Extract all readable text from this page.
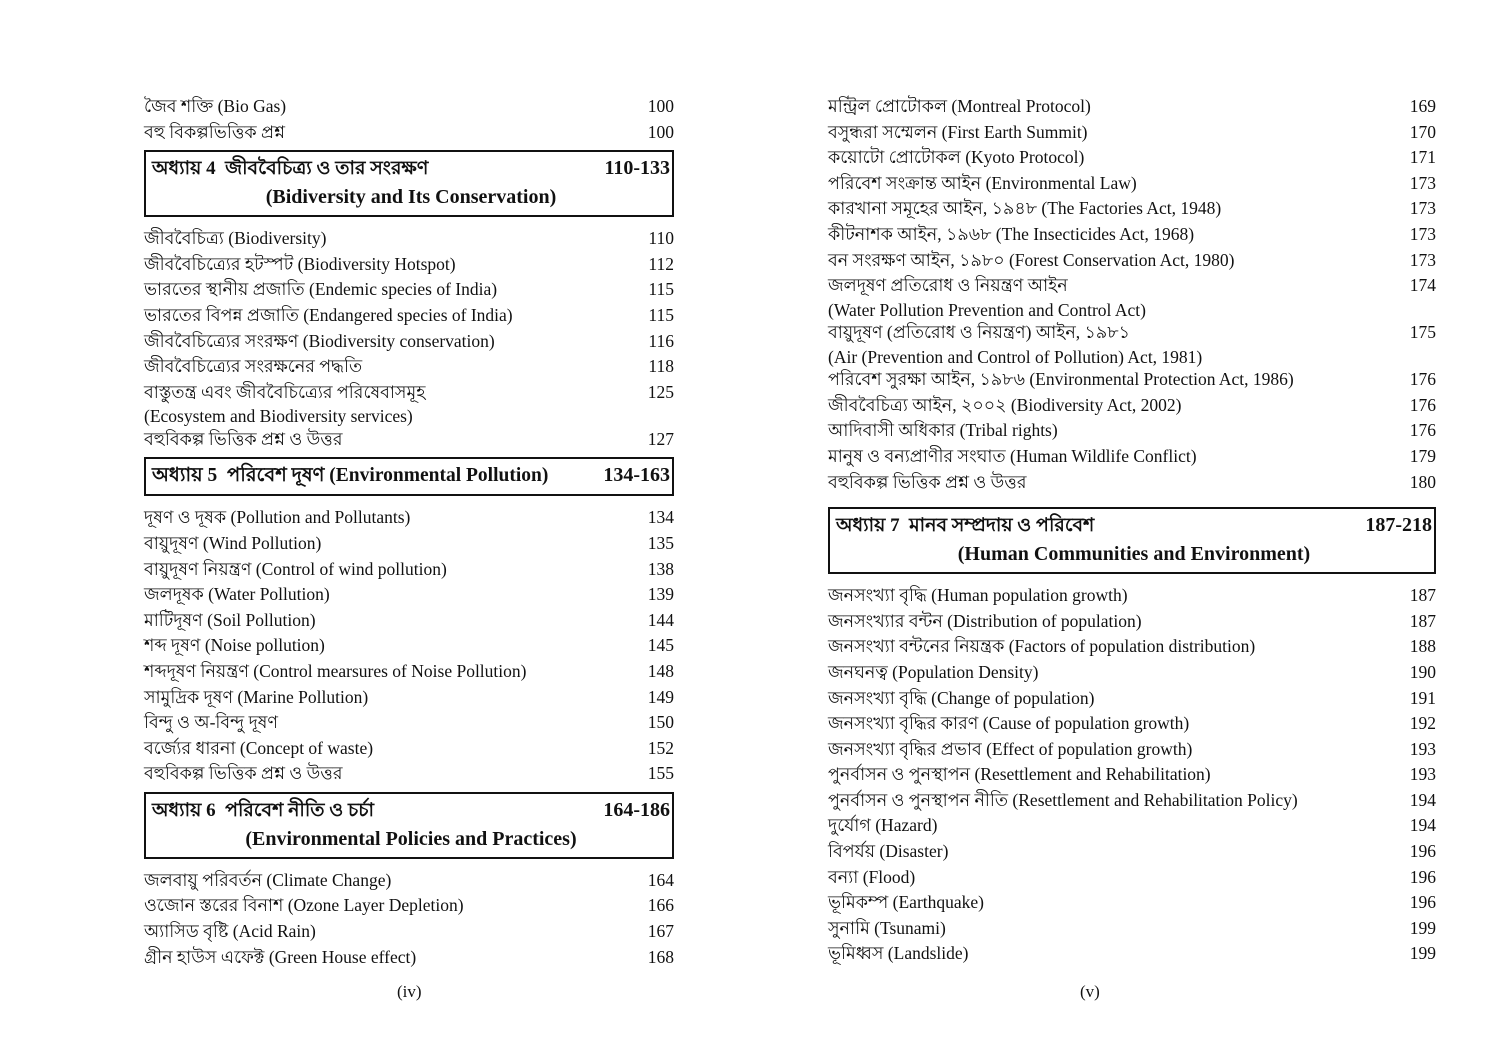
জৈব শক্তি (Bio Gas)	100
বহু বিকল্পভিত্তিক প্রশ্ন	100
অধ্যায় 4 জীববৈচিত্র্য ও তার সংরক্ষণ	110-133
(Bidiversity and Its Conservation)
জীববৈচিত্র্য (Biodiversity)	110
জীববৈচিত্র্যের হটস্পট (Biodiversity Hotspot)	112
ভারতের স্থানীয় প্রজাতি (Endemic species of India)	115
ভারতের বিপন্ন প্রজাতি (Endangered species of India)	115
জীববৈচিত্র্যের সংরক্ষণ (Biodiversity conservation)	116
জীববৈচিত্র্যের সংরক্ষনের পদ্ধতি	118
বাস্তুতন্ত্র এবং জীববৈচিত্র্যের পরিষেবাসমূহ	125
(Ecosystem and Biodiversity services)
বহুবিকল্প ভিত্তিক প্রশ্ন ও উত্তর	127
অধ্যায় 5 পরিবেশ দূষণ (Environmental Pollution)	134-163
দূষণ ও দূষক (Pollution and Pollutants)	134
বায়ুদূষণ (Wind Pollution)	135
বায়ুদূষণ নিয়ন্ত্রণ (Control of wind pollution)	138
জলদূষক (Water Pollution)	139
মাটিদূষণ (Soil Pollution)	144
শব্দ দূষণ (Noise pollution)	145
শব্দদূষণ নিয়ন্ত্রণ (Control mearsures of Noise Pollution)	148
সামুদ্রিক দূষণ (Marine Pollution)	149
বিন্দু ও অ-বিন্দু দূষণ	150
বর্জ্যের ধারনা (Concept of waste)	152
বহুবিকল্প ভিত্তিক প্রশ্ন ও উত্তর	155
অধ্যায় 6 পরিবেশ নীতি ও চর্চা	164-186
(Environmental Policies and Practices)
জলবায়ু পরিবর্তন (Climate Change)	164
ওজোন স্তরের বিনাশ (Ozone Layer Depletion)	166
অ্যাসিড বৃষ্টি (Acid Rain)	167
গ্রীন হাউস এফেক্ট (Green House effect)	168
(iv)
মন্ট্রিল প্রোটোকল (Montreal Protocol)	169
বসুন্ধরা সম্মেলন (First Earth Summit)	170
কয়োটো প্রোটোকল (Kyoto Protocol)	171
পরিবেশ সংক্রান্ত আইন (Environmental Law)	173
কারখানা সমূহের আইন, ১৯৪৮ (The Factories Act, 1948)	173
কীটনাশক আইন, ১৯৬৮ (The Insecticides Act, 1968)	173
বন সংরক্ষণ আইন, ১৯৮০ (Forest Conservation Act, 1980)	173
জলদূষণ প্রতিরোধ ও নিয়ন্ত্রণ আইন	174
(Water Pollution Prevention and Control Act)
বায়ুদূষণ (প্রতিরোধ ও নিয়ন্ত্রণ) আইন, ১৯৮১	175
(Air (Prevention and Control of Pollution) Act, 1981)
পরিবেশ সুরক্ষা আইন, ১৯৮৬ (Environmental Protection Act, 1986)	176
জীববৈচিত্র্য আইন, ২০০২ (Biodiversity Act, 2002)	176
আদিবাসী অধিকার (Tribal rights)	176
মানুষ ও বন্যপ্রাণীর সংঘাত (Human Wildlife Conflict)	179
বহুবিকল্প ভিত্তিক প্রশ্ন ও উত্তর	180
অধ্যায় 7 মানব সম্প্রদায় ও পরিবেশ	187-218
(Human Communities and Environment)
জনসংখ্যা বৃদ্ধি (Human population growth)	187
জনসংখ্যার বন্টন (Distribution of population)	187
জনসংখ্যা বন্টনের নিয়ন্ত্রক (Factors of population distribution)	188
জনঘনত্ব (Population Density)	190
জনসংখ্যা বৃদ্ধি (Change of population)	191
জনসংখ্যা বৃদ্ধির কারণ (Cause of population growth)	192
জনসংখ্যা বৃদ্ধির প্রভাব (Effect of population growth)	193
পুনর্বাসন ও পুনস্থাপন (Resettlement and Rehabilitation)	193
পুনর্বাসন ও পুনস্থাপন নীতি (Resettlement and Rehabilitation Policy)	194
দুর্যোগ (Hazard)	194
বিপর্যয় (Disaster)	196
বন্যা (Flood)	196
ভূমিকম্প (Earthquake)	196
সুনামি (Tsunami)	199
ভূমিধ্বস (Landslide)	199
(v)
